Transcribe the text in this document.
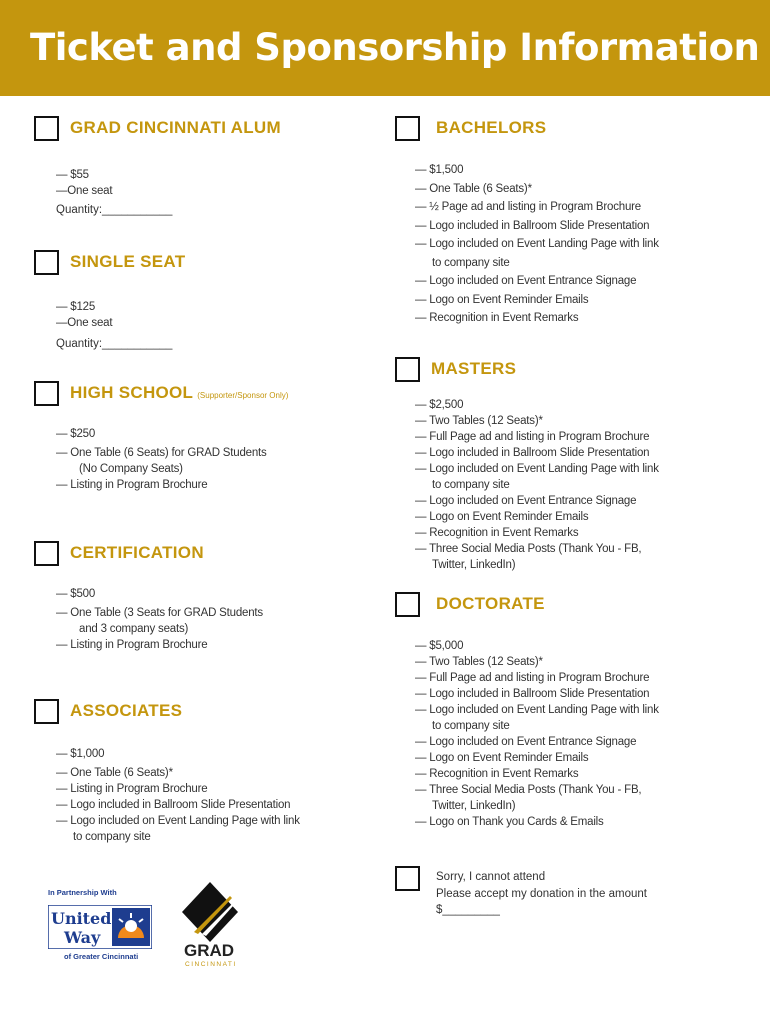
Ticket and Sponsorship Information
GRAD CINCINNATI ALUM
— $55
—One seat
Quantity:___________
SINGLE SEAT
— $125
—One seat
Quantity:___________
HIGH SCHOOL (Supporter/Sponsor Only)
— $250
— One Table (6 Seats) for GRAD Students
(No Company Seats)
— Listing in Program Brochure
CERTIFICATION
— $500
— One Table (3 Seats for GRAD Students
and 3 company seats)
— Listing in Program Brochure
ASSOCIATES
— $1,000
— One Table (6 Seats)*
— Listing in Program Brochure
— Logo included in Ballroom Slide Presentation
— Logo included on Event Landing Page with link
to company site
BACHELORS
— $1,500
— One Table (6 Seats)*
— ½ Page ad and listing in Program Brochure
— Logo included in Ballroom Slide Presentation
— Logo included on Event Landing Page with link
to company site
— Logo included on Event Entrance Signage
— Logo on Event Reminder Emails
— Recognition in Event Remarks
MASTERS
— $2,500
— Two Tables (12 Seats)*
— Full Page ad and listing in Program Brochure
— Logo included in Ballroom Slide Presentation
— Logo included on Event Landing Page with link
to company site
— Logo included on Event Entrance Signage
— Logo on Event Reminder Emails
— Recognition in Event Remarks
— Three Social Media Posts (Thank You - FB,
Twitter, LinkedIn)
DOCTORATE
— $5,000
— Two Tables (12 Seats)*
— Full Page ad and listing in Program Brochure
— Logo included in Ballroom Slide Presentation
— Logo included on Event Landing Page with link
to company site
— Logo included on Event Entrance Signage
— Logo on Event Reminder Emails
— Recognition in Event Remarks
— Three Social Media Posts (Thank You - FB,
Twitter, LinkedIn)
— Logo on Thank you Cards & Emails
Sorry, I cannot attend
Please accept my donation in the amount
$_________
In Partnership With
United
Way
of Greater Cincinnati	GRAD
CINCINNATI
